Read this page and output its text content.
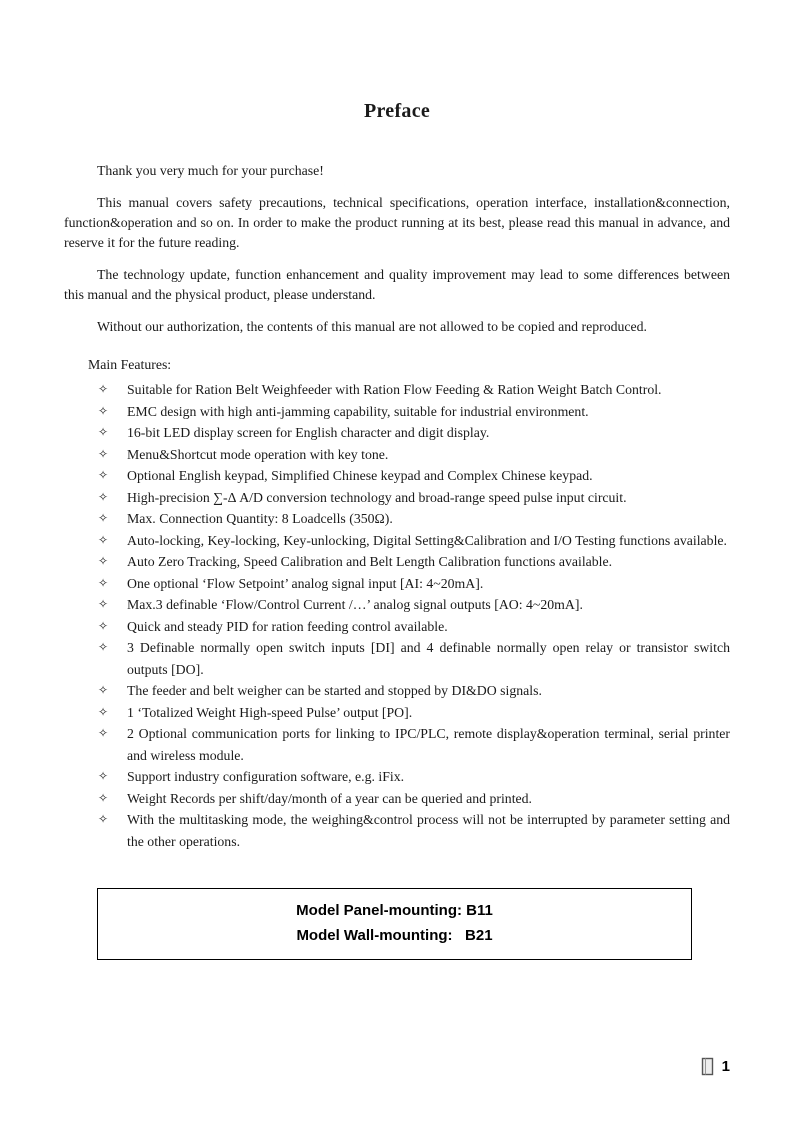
Preface

Thank you very much for your purchase!

This manual covers safety precautions, technical specifications, operation interface, installation&connection, function&operation and so on. In order to make the product running at its best, please read this manual in advance, and reserve it for the future reading.

The technology update, function enhancement and quality improvement may lead to some differences between this manual and the physical product, please understand.

Without our authorization, the contents of this manual are not allowed to be copied and reproduced.

Main Features:
✧ Suitable for Ration Belt Weighfeeder with Ration Flow Feeding & Ration Weight Batch Control.
✧ EMC design with high anti-jamming capability, suitable for industrial environment.
✧ 16-bit LED display screen for English character and digit display.
✧ Menu&Shortcut mode operation with key tone.
✧ Optional English keypad, Simplified Chinese keypad and Complex Chinese keypad.
✧ High-precision ∑-Δ A/D conversion technology and broad-range speed pulse input circuit.
✧ Max. Connection Quantity: 8 Loadcells (350Ω).
✧ Auto-locking, Key-locking, Key-unlocking, Digital Setting&Calibration and I/O Testing functions available.
✧ Auto Zero Tracking, Speed Calibration and Belt Length Calibration functions available.
✧ One optional ‘Flow Setpoint’ analog signal input [AI: 4~20mA].
✧ Max.3 definable ‘Flow/Control Current /…’ analog signal outputs [AO: 4~20mA].
✧ Quick and steady PID for ration feeding control available.
✧ 3 Definable normally open switch inputs [DI] and 4 definable normally open relay or transistor switch outputs [DO].
✧ The feeder and belt weigher can be started and stopped by DI&DO signals.
✧ 1 ‘Totalized Weight High-speed Pulse’ output [PO].
✧ 2 Optional communication ports for linking to IPC/PLC, remote display&operation terminal, serial printer and wireless module.
✧ Support industry configuration software, e.g. iFix.
✧ Weight Records per shift/day/month of a year can be queried and printed.
✧ With the multitasking mode, the weighing&control process will not be interrupted by parameter setting and the other operations.
Model Panel-mounting: B11
Model Wall-mounting:   B21
1
